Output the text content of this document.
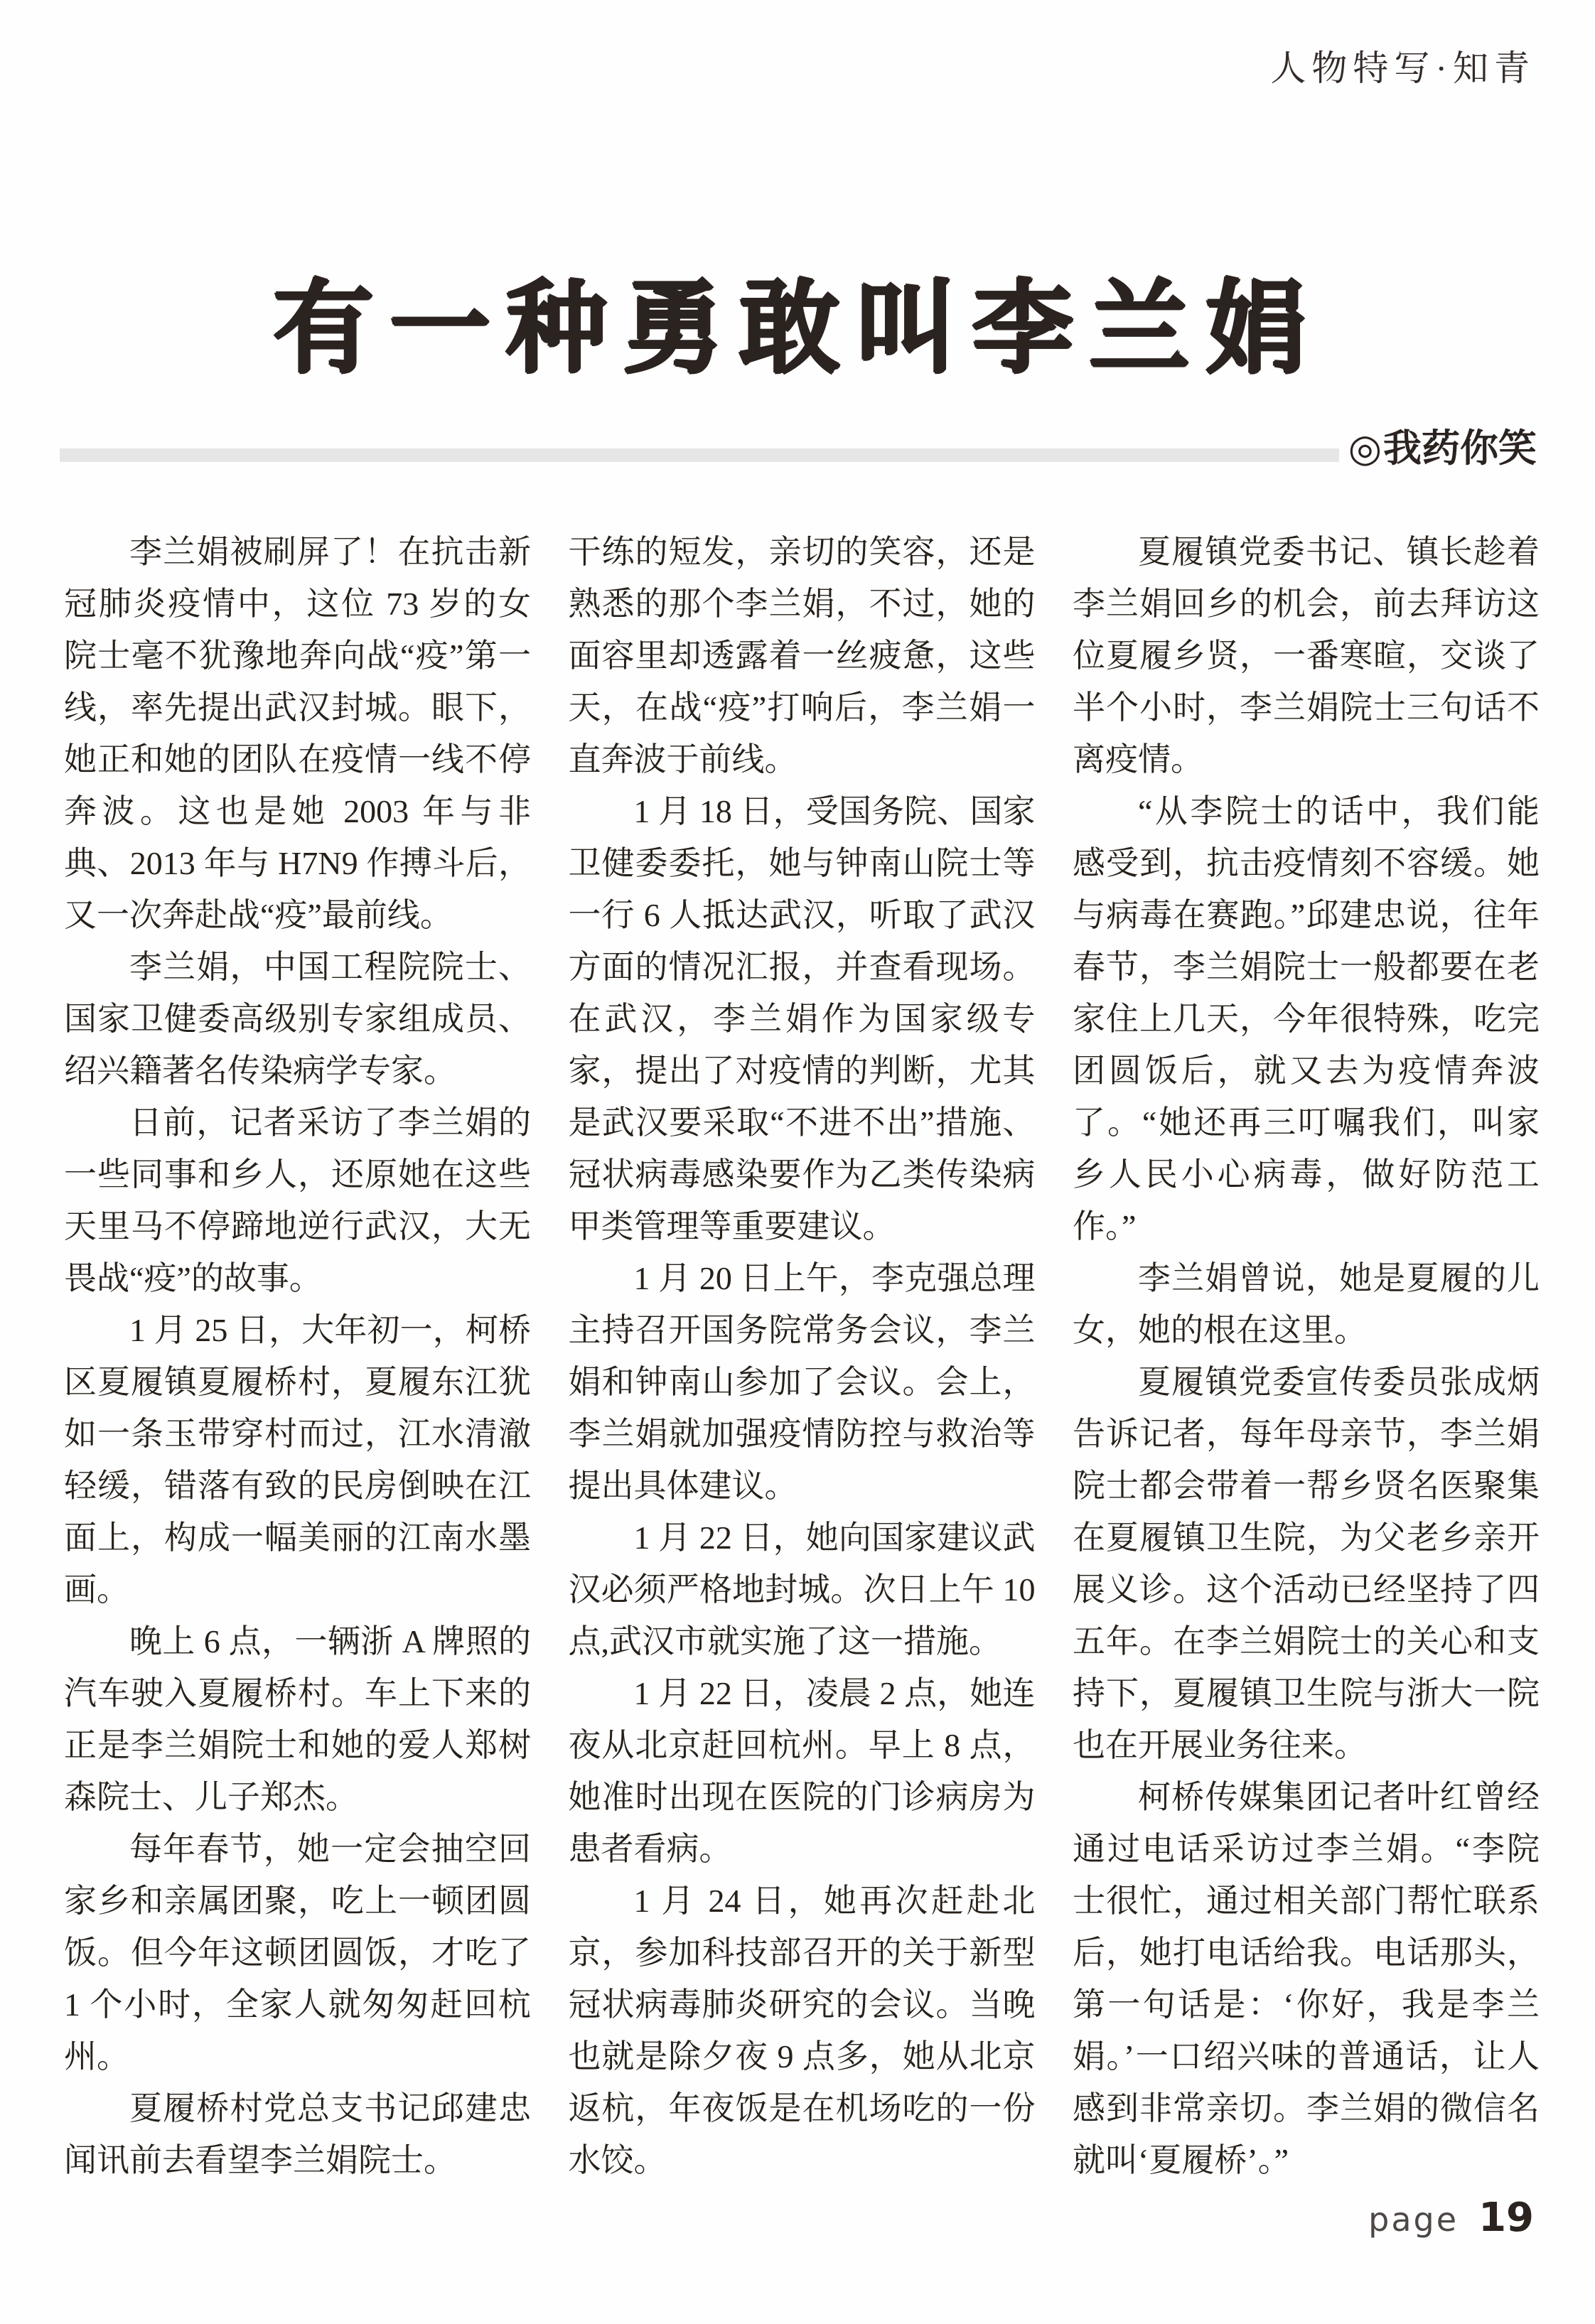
人物特写·知青
有一种勇敢叫李兰娟
◎我药你笑

李兰娟被刷屏了！在抗击新冠肺炎疫情中，这位 73 岁的女院士毫不犹豫地奔向战“疫”第一线，率先提出武汉封城。眼下，她正和她的团队在疫情一线不停奔波。这也是她 2003 年与非典、2013 年与 H7N9 作搏斗后，又一次奔赴战“疫”最前线。

李兰娟，中国工程院院士、国家卫健委高级别专家组成员、绍兴籍著名传染病学专家。

日前，记者采访了李兰娟的一些同事和乡人，还原她在这些天里马不停蹄地逆行武汉，大无畏战“疫”的故事。

1 月 25 日，大年初一，柯桥区夏履镇夏履桥村，夏履东江犹如一条玉带穿村而过，江水清澈轻缓，错落有致的民房倒映在江面上，构成一幅美丽的江南水墨画。

晚上 6 点，一辆浙 A 牌照的汽车驶入夏履桥村。车上下来的正是李兰娟院士和她的爱人郑树森院士、儿子郑杰。

每年春节，她一定会抽空回家乡和亲属团聚，吃上一顿团圆饭。但今年这顿团圆饭，才吃了 1 个小时，全家人就匆匆赶回杭州。

夏履桥村党总支书记邱建忠闻讯前去看望李兰娟院士。

干练的短发，亲切的笑容，还是熟悉的那个李兰娟，不过，她的面容里却透露着一丝疲惫，这些天，在战“疫”打响后，李兰娟一直奔波于前线。

1 月 18 日，受国务院、国家卫健委委托，她与钟南山院士等一行 6 人抵达武汉，听取了武汉方面的情况汇报，并查看现场。在武汉，李兰娟作为国家级专家，提出了对疫情的判断，尤其是武汉要采取“不进不出”措施、冠状病毒感染要作为乙类传染病甲类管理等重要建议。

1 月 20 日上午，李克强总理主持召开国务院常务会议，李兰娟和钟南山参加了会议。会上，李兰娟就加强疫情防控与救治等提出具体建议。

1 月 22 日，她向国家建议武汉必须严格地封城。次日上午 10 点,武汉市就实施了这一措施。

1 月 22 日，凌晨 2 点，她连夜从北京赶回杭州。早上 8 点，她准时出现在医院的门诊病房为患者看病。

1 月 24 日，她再次赶赴北京，参加科技部召开的关于新型冠状病毒肺炎研究的会议。当晚也就是除夕夜 9 点多，她从北京返杭，年夜饭是在机场吃的一份水饺。

夏履镇党委书记、镇长趁着李兰娟回乡的机会，前去拜访这位夏履乡贤，一番寒暄，交谈了半个小时，李兰娟院士三句话不离疫情。

“从李院士的话中，我们能感受到，抗击疫情刻不容缓。她与病毒在赛跑。”邱建忠说，往年春节，李兰娟院士一般都要在老家住上几天，今年很特殊，吃完团圆饭后，就又去为疫情奔波了。“她还再三叮嘱我们，叫家乡人民小心病毒，做好防范工作。”

李兰娟曾说，她是夏履的儿女，她的根在这里。

夏履镇党委宣传委员张成炳告诉记者，每年母亲节，李兰娟院士都会带着一帮乡贤名医聚集在夏履镇卫生院，为父老乡亲开展义诊。这个活动已经坚持了四五年。在李兰娟院士的关心和支持下，夏履镇卫生院与浙大一院也在开展业务往来。

柯桥传媒集团记者叶红曾经通过电话采访过李兰娟。“李院士很忙，通过相关部门帮忙联系后，她打电话给我。电话那头，第一句话是：‘你好，我是李兰娟。’一口绍兴味的普通话，让人感到非常亲切。李兰娟的微信名就叫‘夏履桥’。”

page 19
